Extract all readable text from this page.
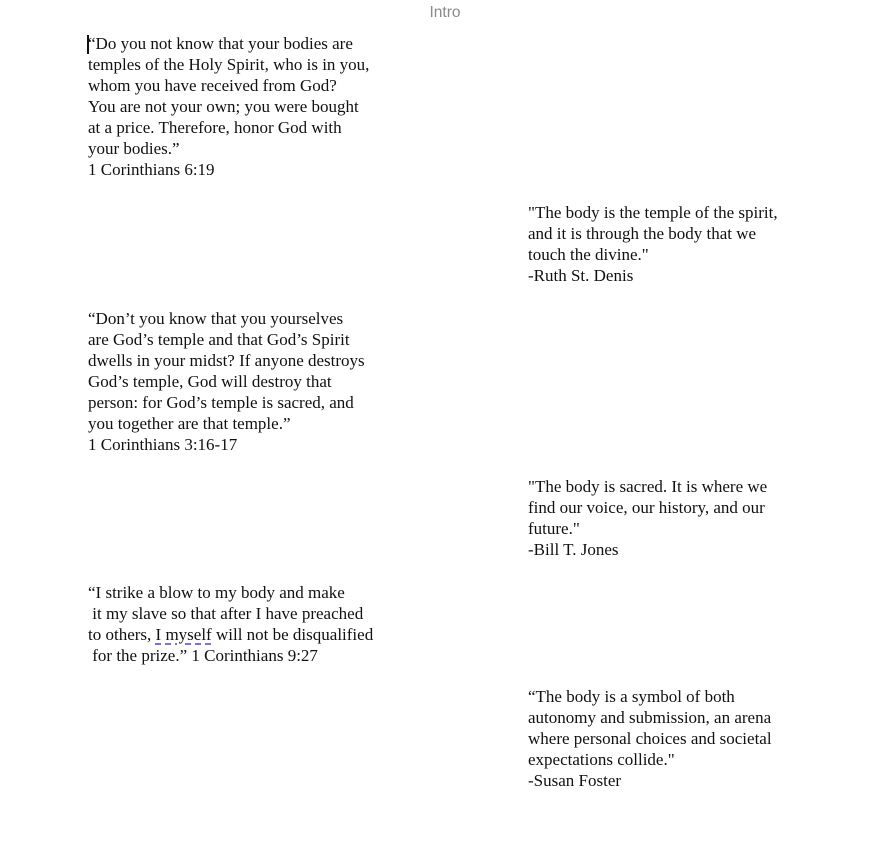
Intro
“Do you not know that your bodies are
temples of the Holy Spirit, who is in you,
whom you have received from God?
You are not your own; you were bought
at a price. Therefore, honor God with
your bodies.”
1 Corinthians 6:19
"The body is the temple of the spirit,
and it is through the body that we
touch the divine."
-Ruth St. Denis
“Don’t you know that you yourselves
are God’s temple and that God’s Spirit
dwells in your midst? If anyone destroys
God’s temple, God will destroy that
person: for God’s temple is sacred, and
you together are that temple.”
1 Corinthians 3:16-17
"The body is sacred. It is where we
find our voice, our history, and our
future."
-Bill T. Jones
“I strike a blow to my body and make
it my slave so that after I have preached
to others, I myself will not be disqualified
for the prize.” 1 Corinthians 9:27
“The body is a symbol of both
autonomy and submission, an arena
where personal choices and societal
expectations collide."
-Susan Foster
